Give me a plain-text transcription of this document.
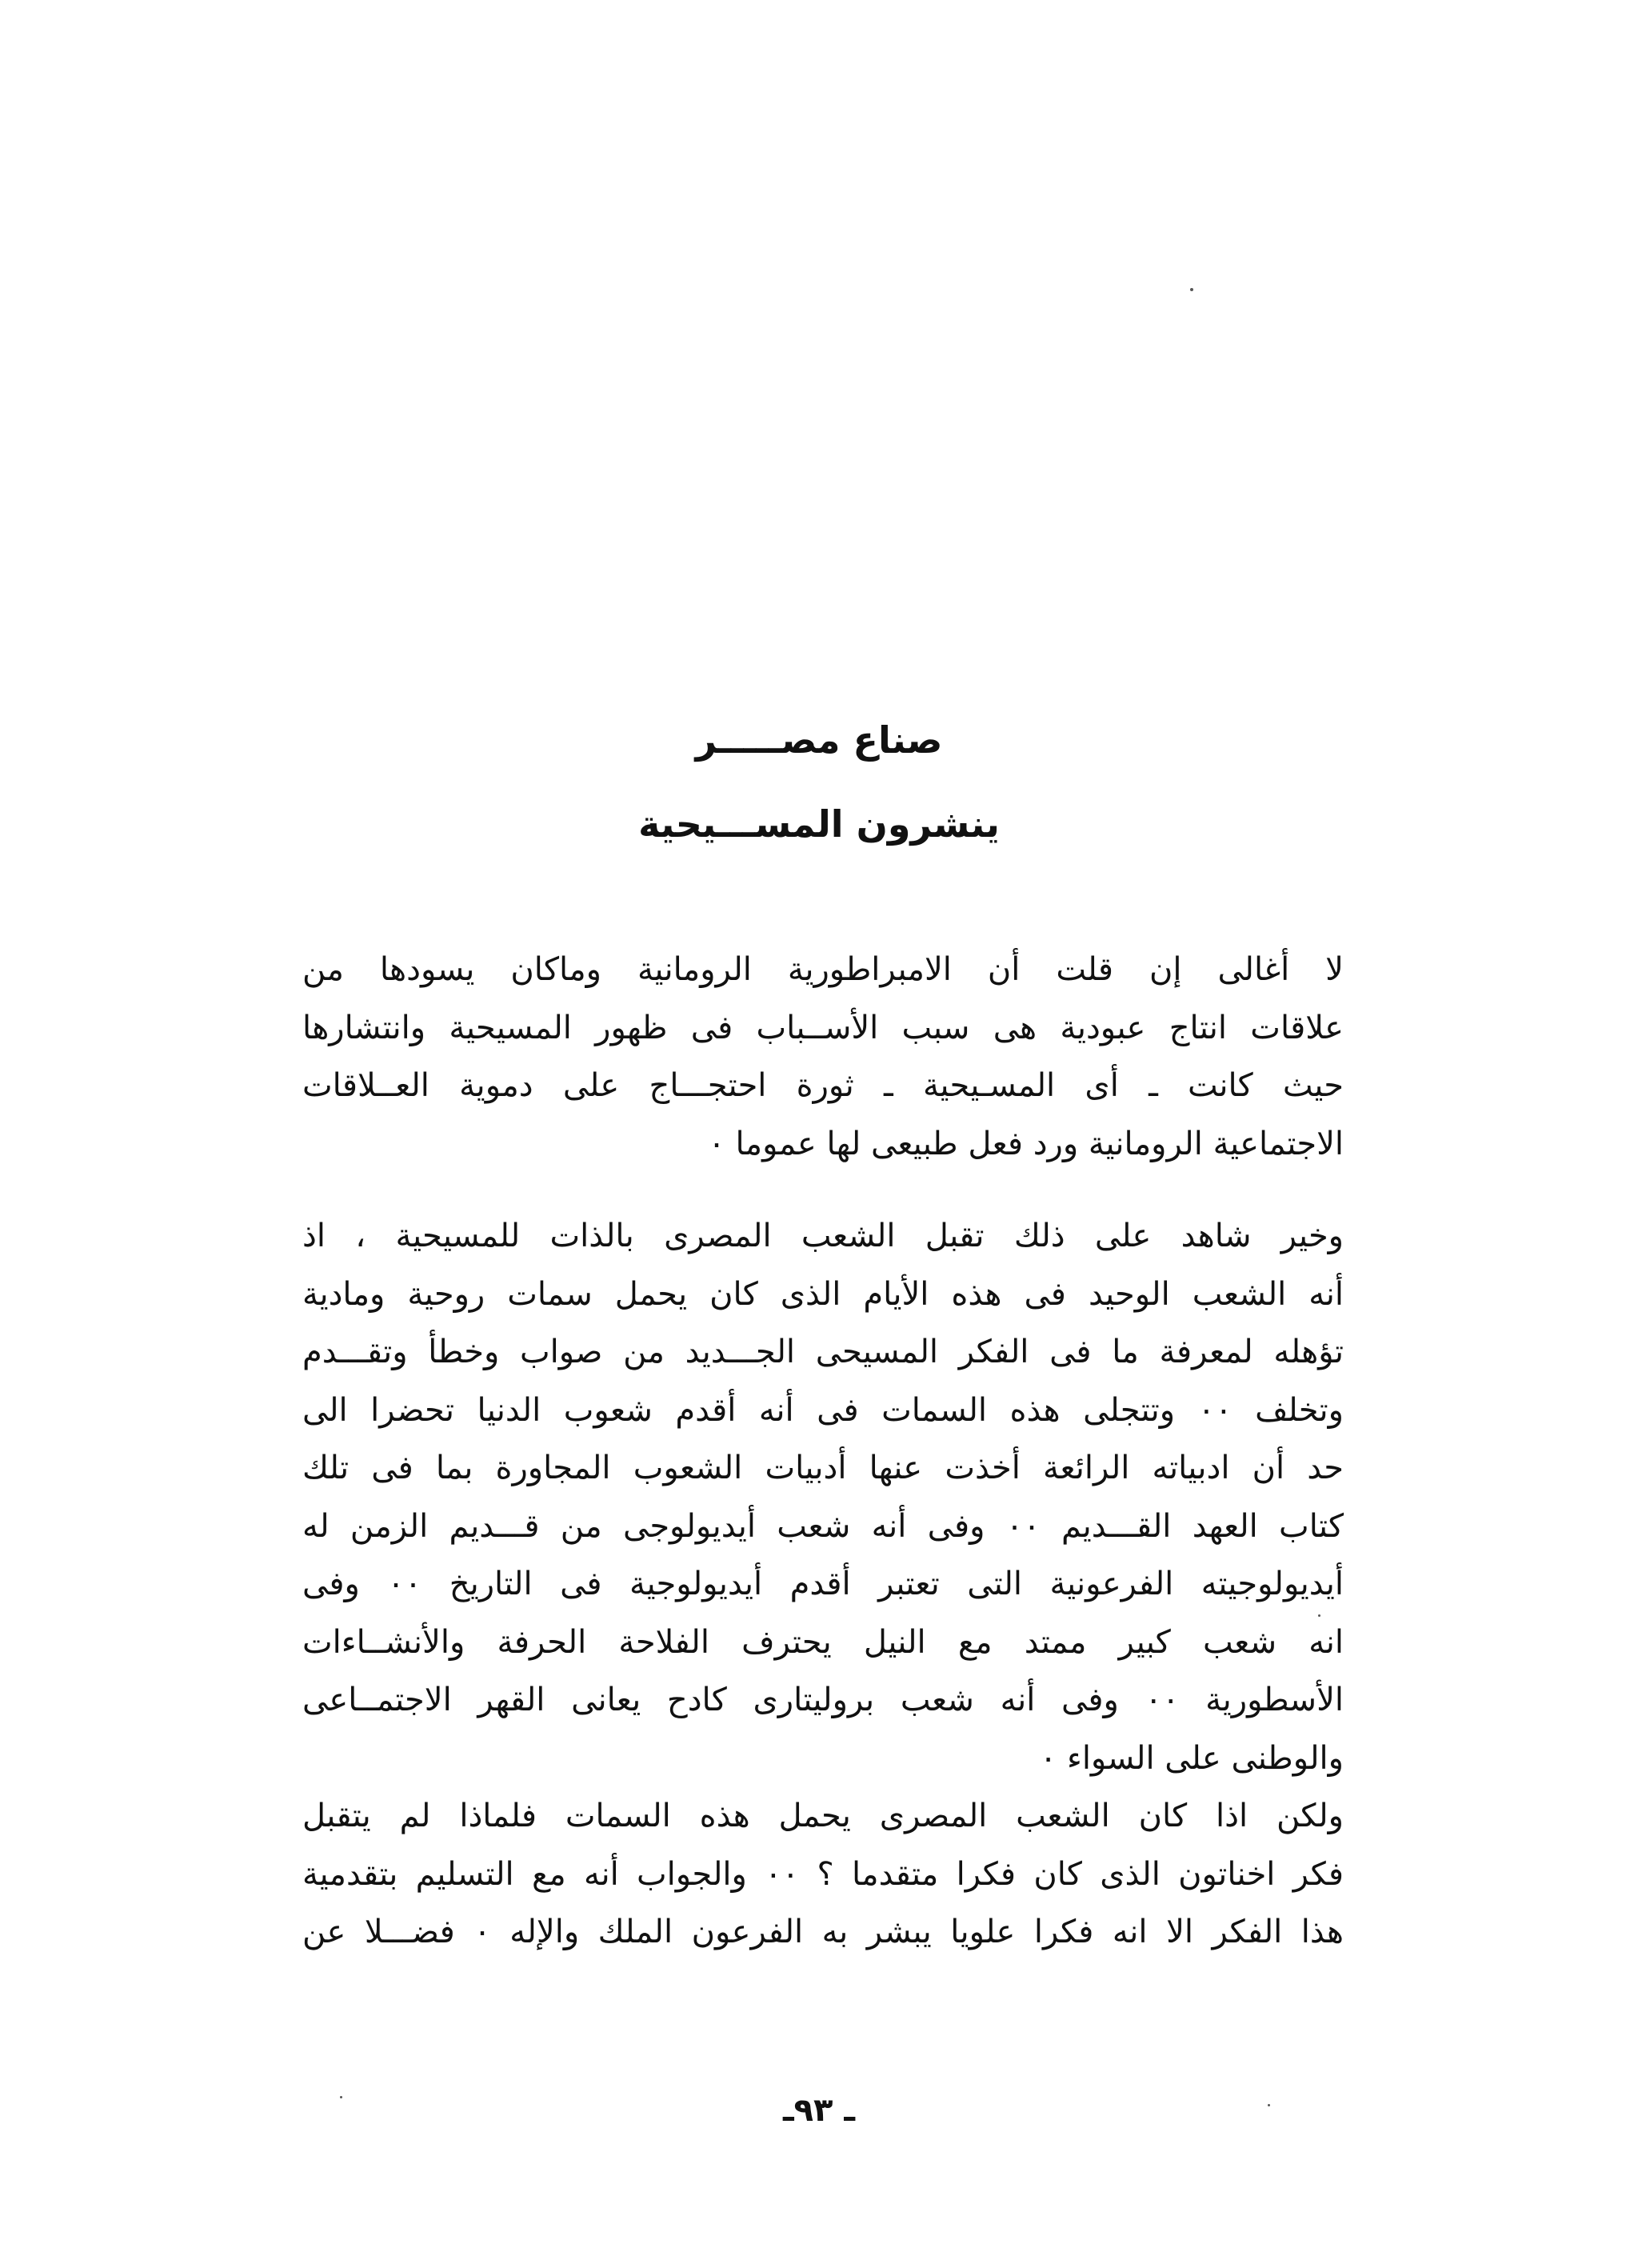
صناع مصـــــر
ينشرون المســـيحية

لا أغالى إن قلت أن الامبراطورية الرومانية وماكان يسودها من
علاقات انتاج عبودية هى سبب الأســباب فى ظهور المسيحية وانتشارها
حيث كانت ـ أى المسـيحية ـ ثورة احتجـــاج على دموية العــلاقات
الاجتماعية الرومانية ورد فعل طبيعى لها عموما ٠

وخير شاهد على ذلك تقبل الشعب المصرى بالذات للمسيحية ، اذ
أنه الشعب الوحيد فى هذه الأيام الذى كان يحمل سمات روحية ومادية
تؤهله لمعرفة ما فى الفكر المسيحى الجـــديد من صواب وخطأ وتقـــدم
وتخلف ٠٠ وتتجلى هذه السمات فى أنه أقدم شعوب الدنيا تحضرا الى
حد أن ادبياته الرائعة أخذت عنها أدبيات الشعوب المجاورة بما فى تلك
كتاب العهد القـــديم ٠٠ وفى أنه شعب أيديولوجى من قـــديم الزمن له
أيديولوجيته الفرعونية التى تعتبر أقدم أيديولوجية فى التاريخ ٠٠ وفى
انه شعب كبير ممتد مع النيل يحترف الفلاحة الحرفة والأنشــاءات
الأسطورية ٠٠ وفى أنه شعب بروليتارى كادح يعانى القهر الاجتمــاعى
والوطنى على السواء ٠

ولكن اذا كان الشعب المصرى يحمل هذه السمات فلماذا لم يتقبل
فكر اخناتون الذى كان فكرا متقدما ؟ ٠٠ والجواب أنه مع التسليم بتقدمية
هذا الفكر الا انه فكرا علويا يبشر به الفرعون الملك والإله ٠ فضـــلا عن

ـ ٩٣ـ
